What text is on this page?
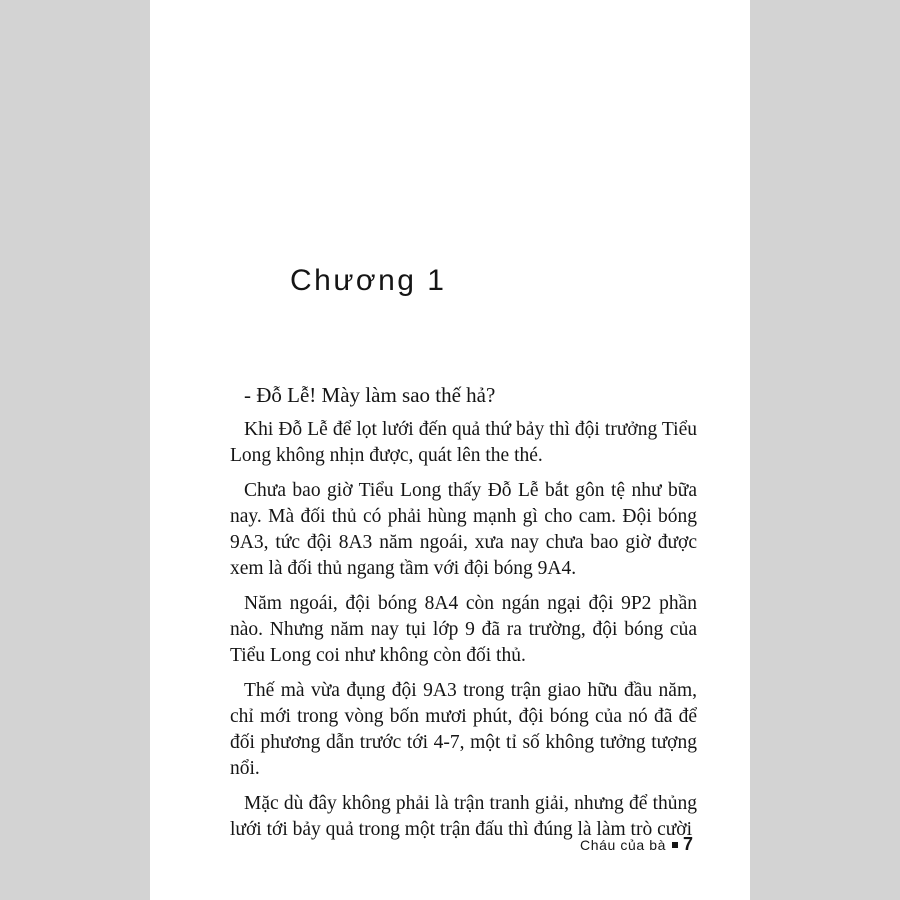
Chương 1

- Đỗ Lễ! Mày làm sao thế hả?

Khi Đỗ Lễ để lọt lưới đến quả thứ bảy thì đội trưởng Tiểu Long không nhịn được, quát lên the thé.

Chưa bao giờ Tiểu Long thấy Đỗ Lễ bắt gôn tệ như bữa nay. Mà đối thủ có phải hùng mạnh gì cho cam. Đội bóng 9A3, tức đội 8A3 năm ngoái, xưa nay chưa bao giờ được xem là đối thủ ngang tầm với đội bóng 9A4.

Năm ngoái, đội bóng 8A4 còn ngán ngại đội 9P2 phần nào. Nhưng năm nay tụi lớp 9 đã ra trường, đội bóng của Tiểu Long coi như không còn đối thủ.

Thế mà vừa đụng đội 9A3 trong trận giao hữu đầu năm, chỉ mới trong vòng bốn mươi phút, đội bóng của nó đã để đối phương dẫn trước tới 4-7, một tỉ số không tưởng tượng nổi.

Mặc dù đây không phải là trận tranh giải, nhưng để thủng lưới tới bảy quả trong một trận đấu thì đúng là làm trò cười

Cháu của bà 7
